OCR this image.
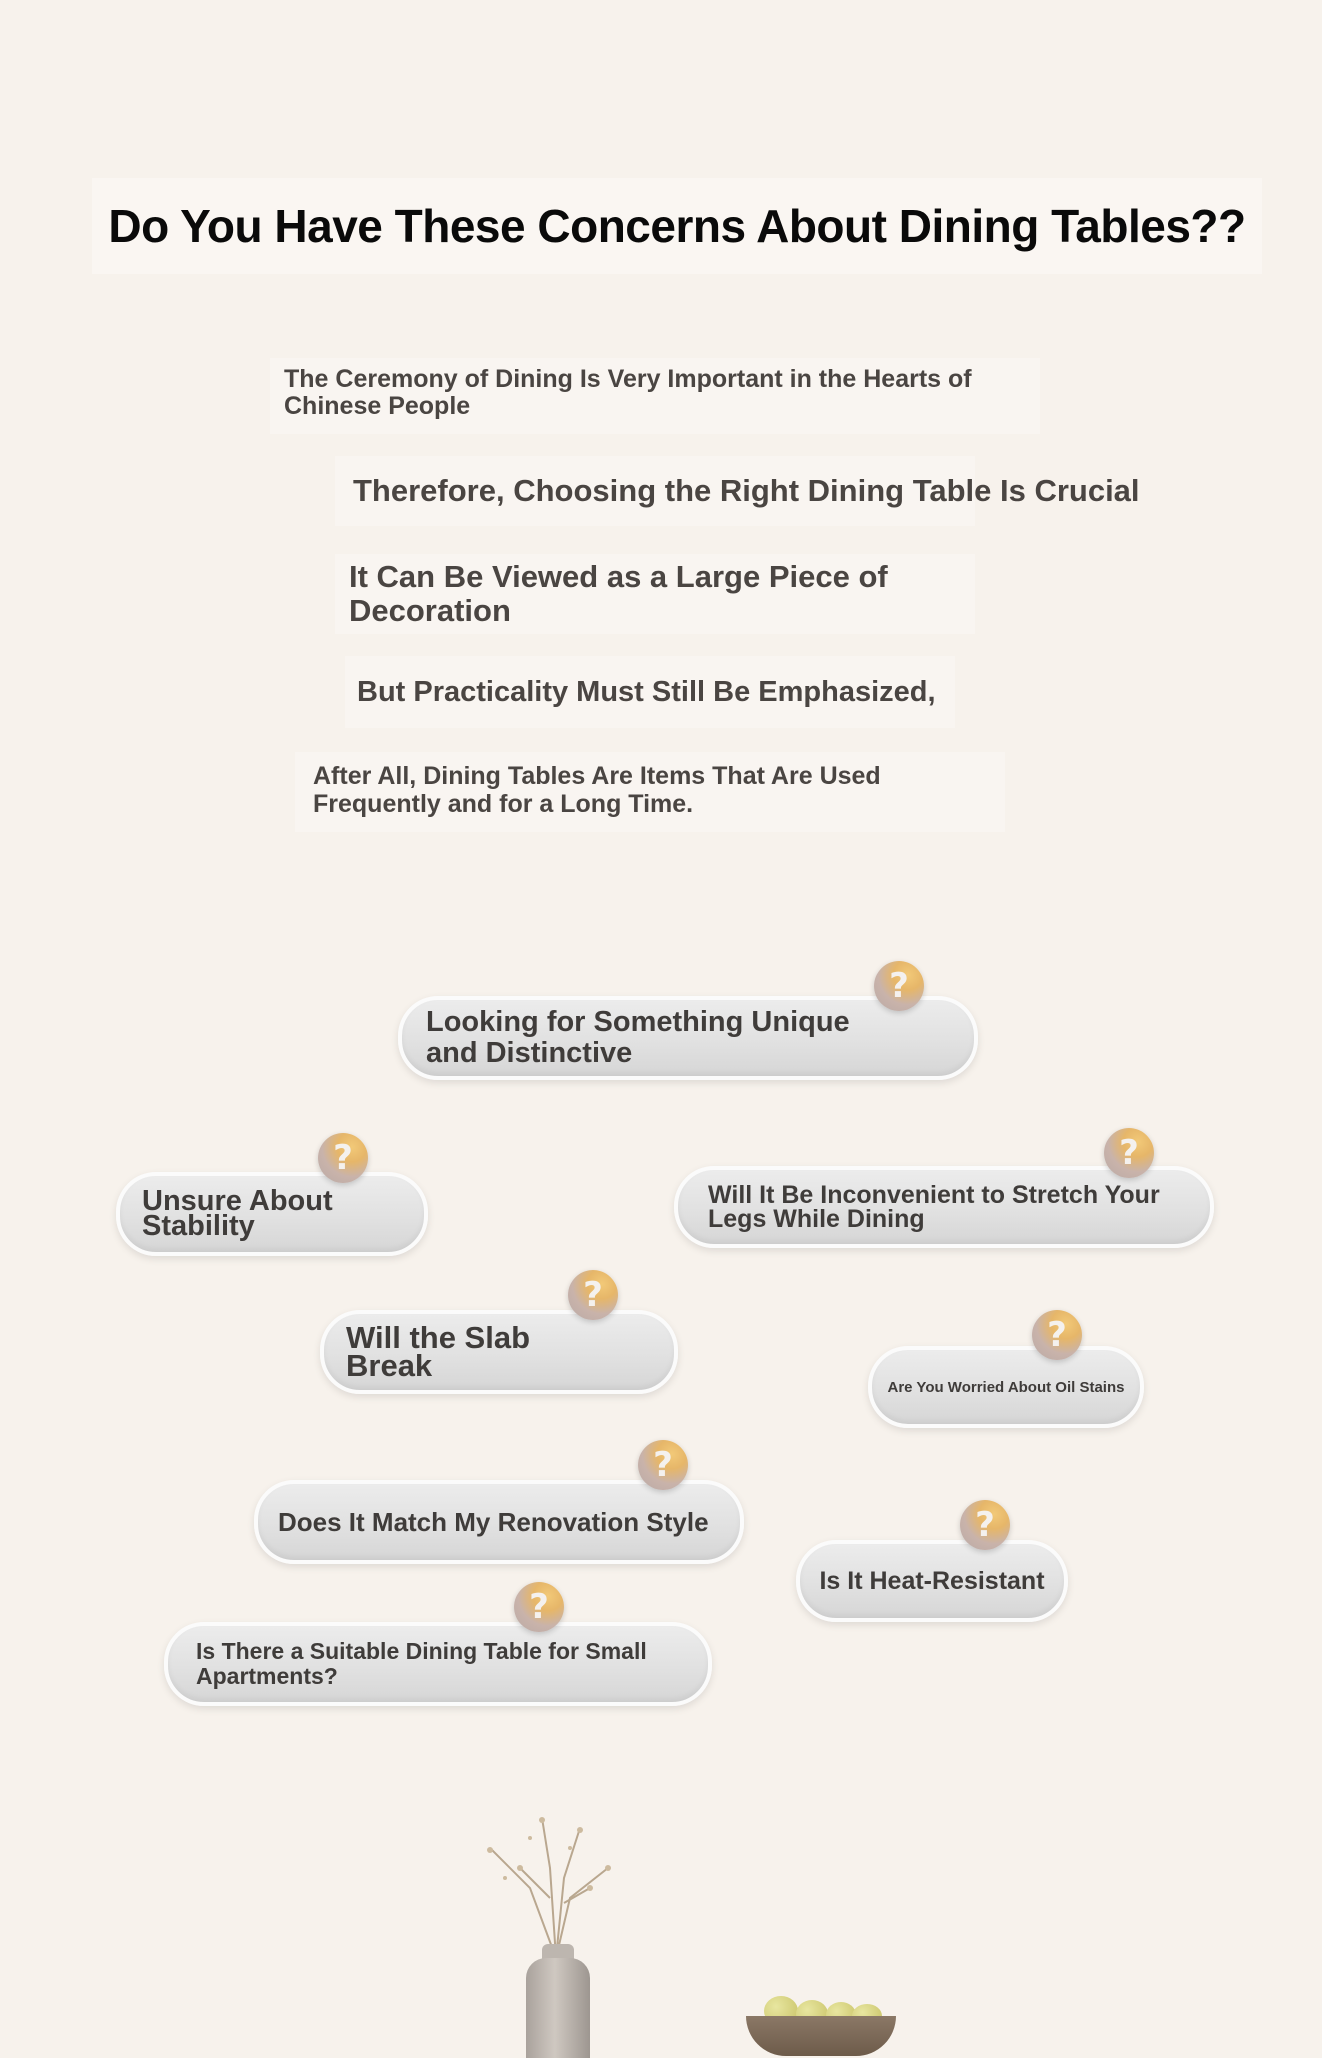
Do You Have These Concerns About Dining Tables??
The Ceremony of Dining Is Very Important in the Hearts of Chinese People
Therefore, Choosing the Right Dining Table Is Crucial
It Can Be Viewed as a Large Piece of Decoration
But Practicality Must Still Be Emphasized,
After All, Dining Tables Are Items That Are Used Frequently and for a Long Time.
Looking for Something Unique and Distinctive
?
Unsure About Stability
?
Will It Be Inconvenient to Stretch Your Legs While Dining
?
Will the Slab Break
?
Are You Worried About Oil Stains
?
Does It Match My Renovation Style
?
Is It Heat-Resistant
?
Is There a Suitable Dining Table for Small Apartments?
?
